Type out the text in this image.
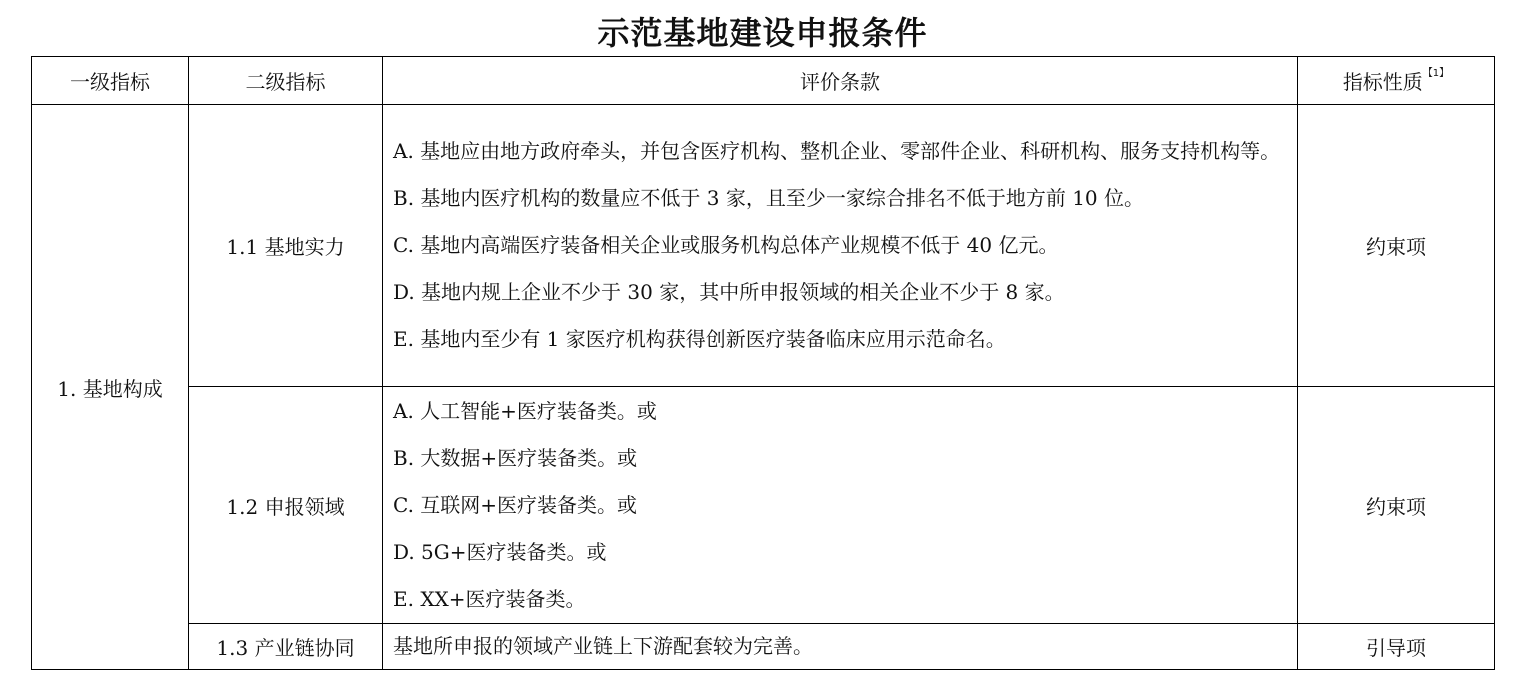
示范基地建设申报条件
一级指标	二级指标	评价条款	指标性质$^{【1】}$
1. 基地构成	1.1 基地实力	A. 基地应由地方政府牵头，并包含医疗机构、整机企业、零部件企业、科研机构、服务支持机构等。
B. 基地内医疗机构的数量应不低于 3 家，且至少一家综合排名不低于地方前 10 位。
C. 基地内高端医疗装备相关企业或服务机构总体产业规模不低于 40 亿元。
D. 基地内规上企业不少于 30 家，其中所申报领域的相关企业不少于 8 家。
E. 基地内至少有 1 家医疗机构获得创新医疗装备临床应用示范命名。	约束项
	1.2 申报领域	A. 人工智能+医疗装备类。或
B. 大数据+医疗装备类。或
C. 互联网+医疗装备类。或
D. 5G+医疗装备类。或
E. XX+医疗装备类。	约束项
	1.3 产业链协同	基地所申报的领域产业链上下游配套较为完善。	引导项
